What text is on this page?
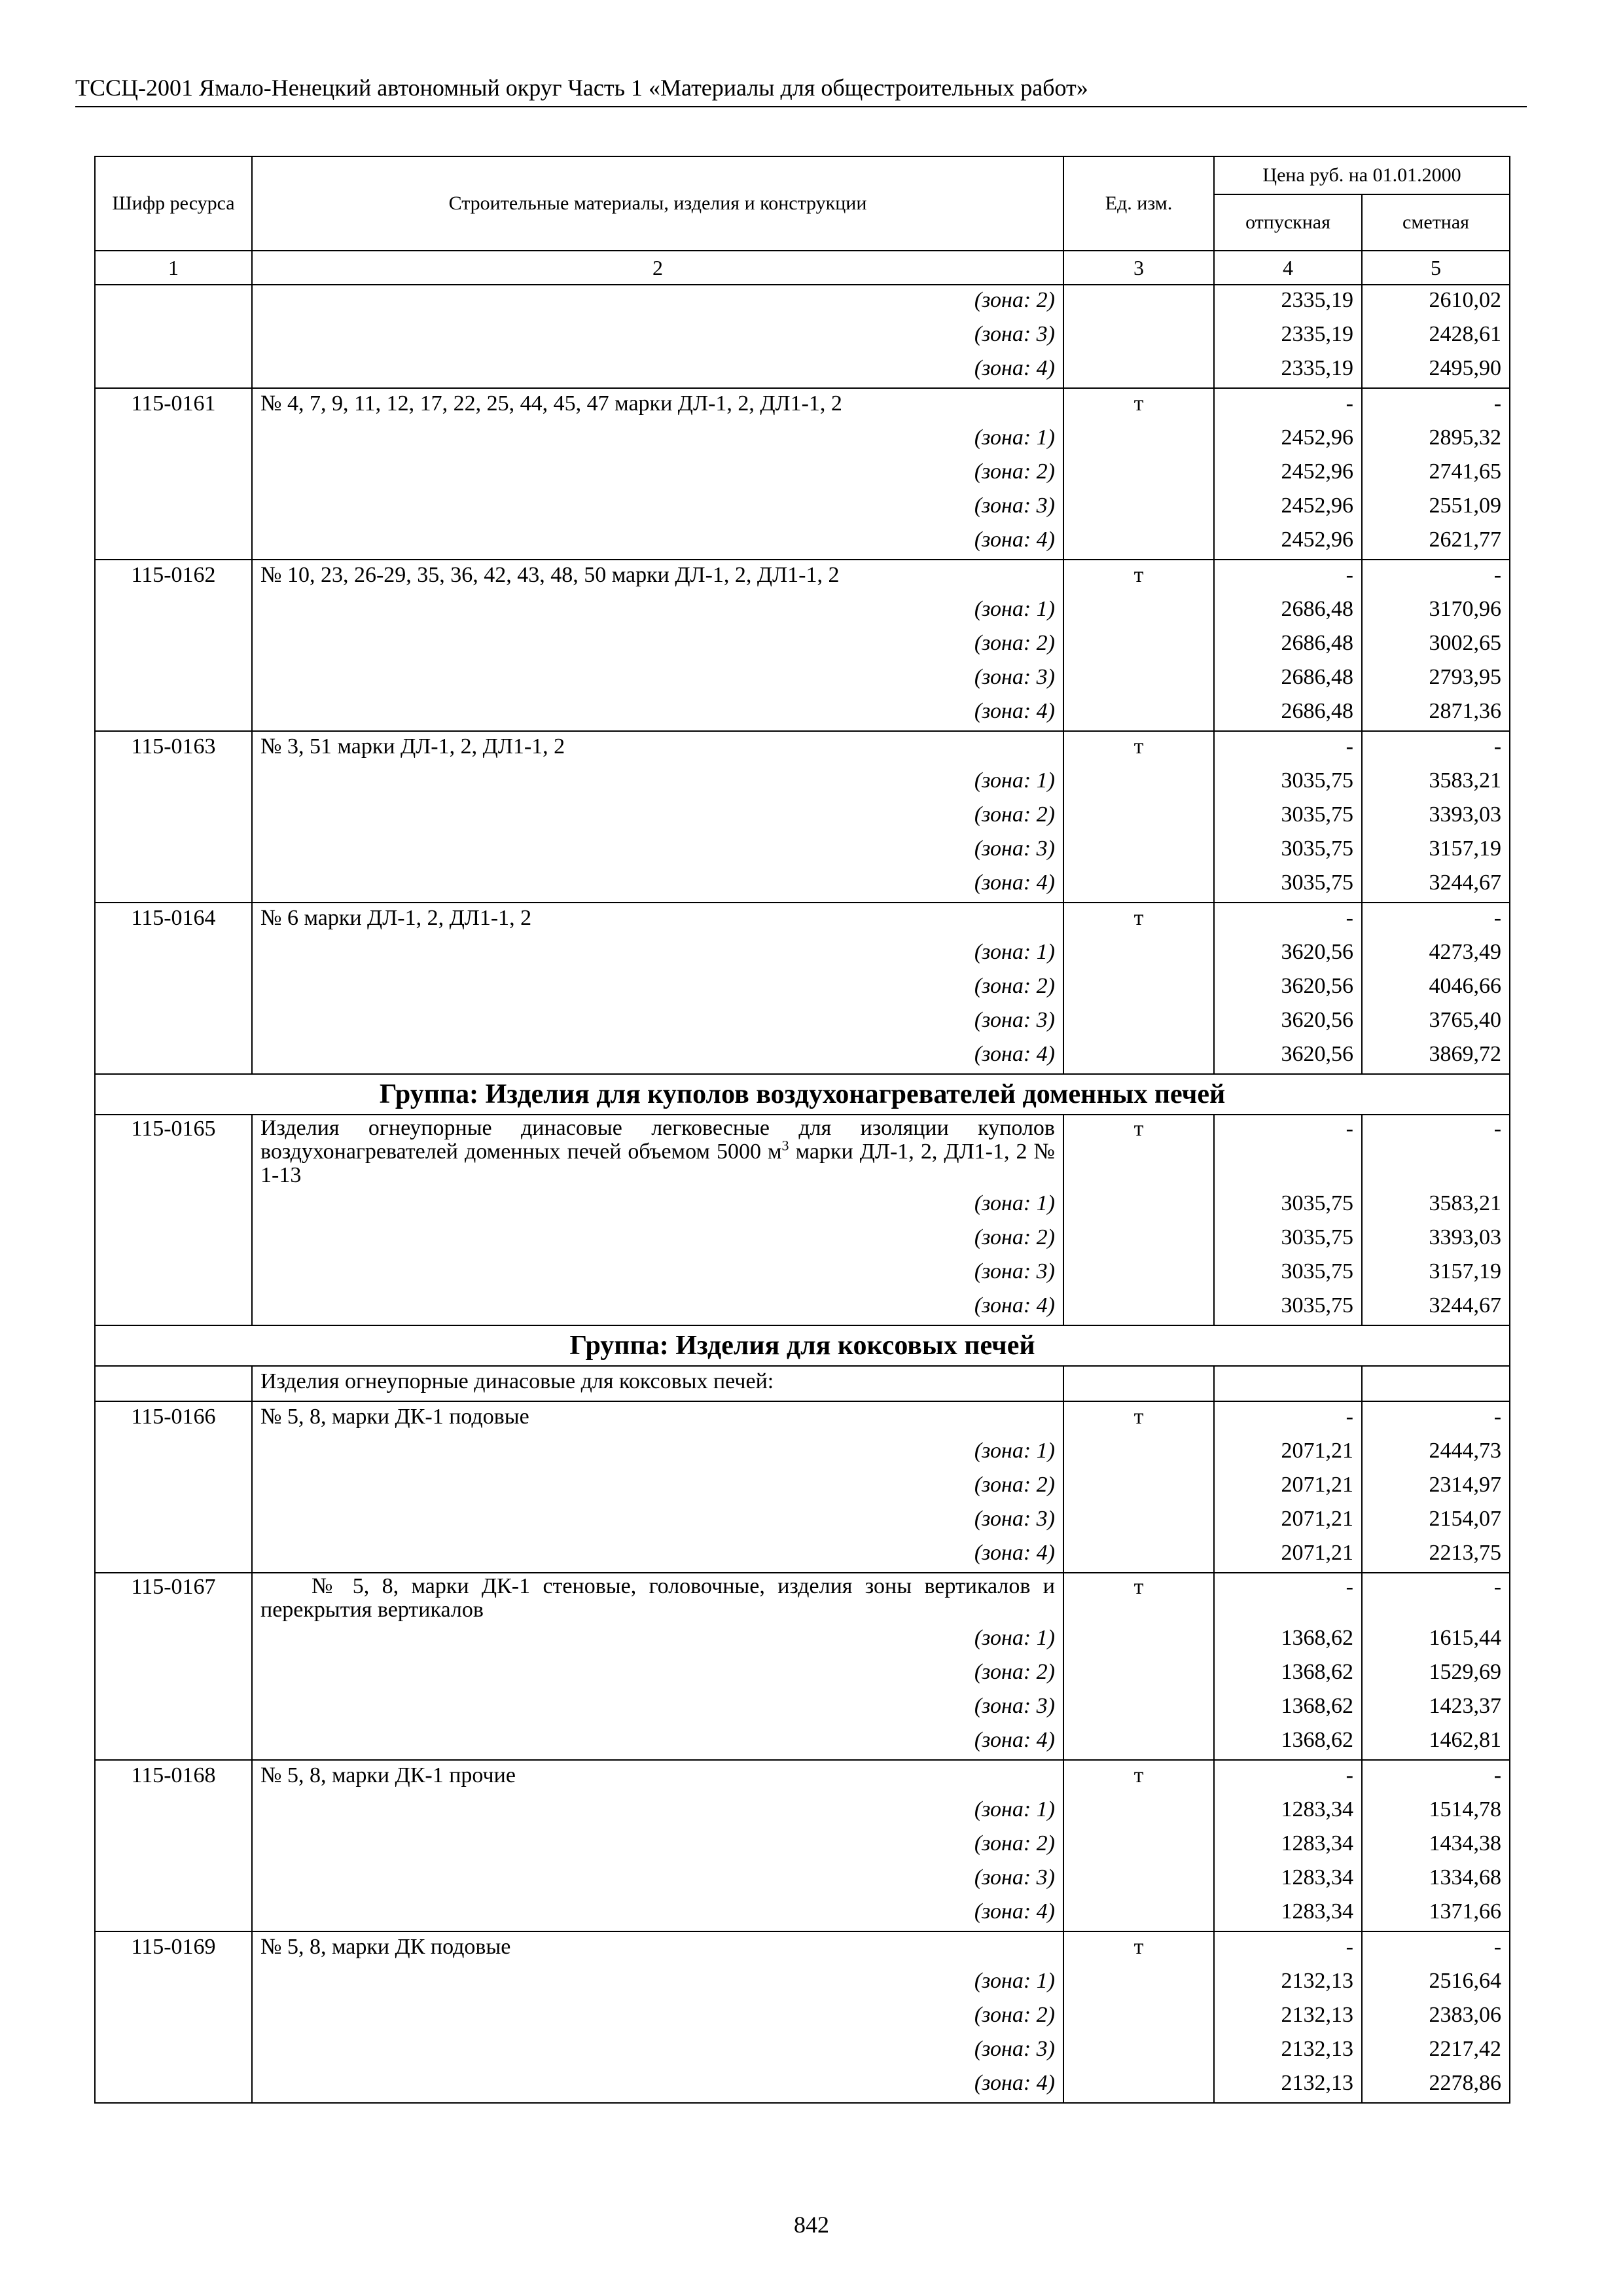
ТССЦ-2001 Ямало-Ненецкий автономный округ Часть 1 «Материалы для общестроительных работ»
Шифр ресурса	Строительные материалы, изделия и конструкции	Ед. изм.	Цена руб. на 01.01.2000	
			отпускная	сметная
1	2	3	4	5
	(зона: 2)		2335,19	2610,02
	(зона: 3)		2335,19	2428,61
	(зона: 4)		2335,19	2495,90
115-0161	№ 4, 7, 9, 11, 12, 17, 22, 25, 44, 45, 47 марки ДЛ-1, 2, ДЛ1-1, 2	т	-	-
	(зона: 1)		2452,96	2895,32
	(зона: 2)		2452,96	2741,65
	(зона: 3)		2452,96	2551,09
	(зона: 4)		2452,96	2621,77
115-0162	№ 10, 23, 26-29, 35, 36, 42, 43, 48, 50 марки ДЛ-1, 2, ДЛ1-1, 2	т	-	-
	(зона: 1)		2686,48	3170,96
	(зона: 2)		2686,48	3002,65
	(зона: 3)		2686,48	2793,95
	(зона: 4)		2686,48	2871,36
115-0163	№ 3, 51 марки ДЛ-1, 2, ДЛ1-1, 2	т	-	-
	(зона: 1)		3035,75	3583,21
	(зона: 2)		3035,75	3393,03
	(зона: 3)		3035,75	3157,19
	(зона: 4)		3035,75	3244,67
115-0164	№ 6 марки ДЛ-1, 2, ДЛ1-1, 2	т	-	-
	(зона: 1)		3620,56	4273,49
	(зона: 2)		3620,56	4046,66
	(зона: 3)		3620,56	3765,40
	(зона: 4)		3620,56	3869,72
Группа: Изделия для куполов воздухонагревателей доменных печей				
115-0165	Изделия огнеупорные динасовые легковесные для изоляции куполов воздухонагревателей доменных печей объемом 5000 $м^3$ марки ДЛ-1, 2, ДЛ1-1, 2 № 1-13	т	-	-
	(зона: 1)		3035,75	3583,21
	(зона: 2)		3035,75	3393,03
	(зона: 3)		3035,75	3157,19
	(зона: 4)		3035,75	3244,67
Группа: Изделия для коксовых печей				
	Изделия огнеупорные динасовые для коксовых печей:			
115-0166	№ 5, 8, марки ДК-1 подовые	т	-	-
	(зона: 1)		2071,21	2444,73
	(зона: 2)		2071,21	2314,97
	(зона: 3)		2071,21	2154,07
	(зона: 4)		2071,21	2213,75
115-0167	№ 5, 8, марки ДК-1 стеновые, головочные, изделия зоны вертикалов и перекрытия вертикалов	т	-	-
	(зона: 1)		1368,62	1615,44
	(зона: 2)		1368,62	1529,69
	(зона: 3)		1368,62	1423,37
	(зона: 4)		1368,62	1462,81
115-0168	№ 5, 8, марки ДК-1 прочие	т	-	-
	(зона: 1)		1283,34	1514,78
	(зона: 2)		1283,34	1434,38
	(зона: 3)		1283,34	1334,68
	(зона: 4)		1283,34	1371,66
115-0169	№ 5, 8, марки ДК подовые	т	-	-
	(зона: 1)		2132,13	2516,64
	(зона: 2)		2132,13	2383,06
	(зона: 3)		2132,13	2217,42
	(зона: 4)		2132,13	2278,86
842
